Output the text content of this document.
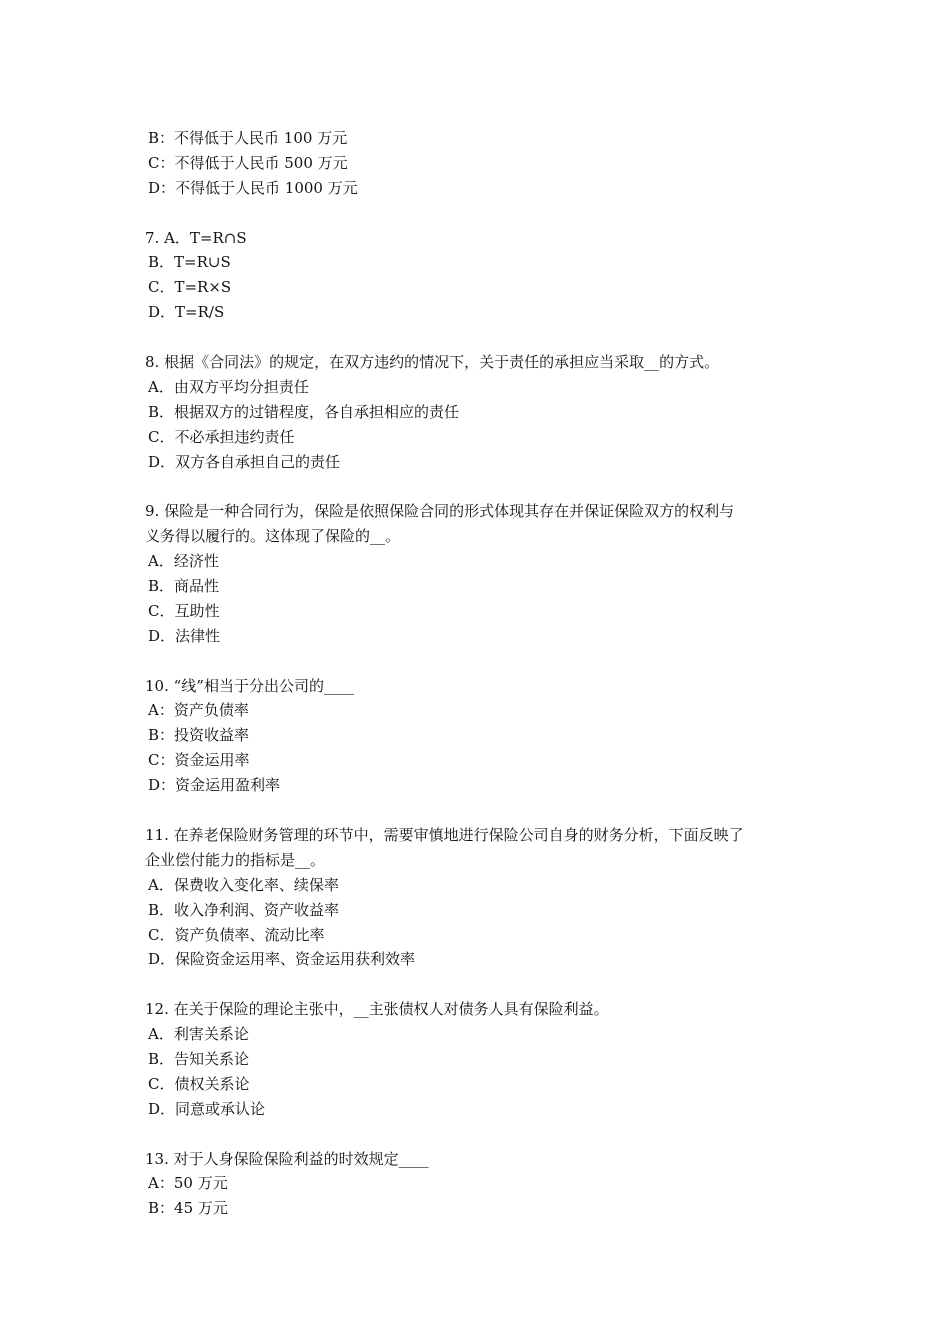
B：不得低于人民币 100 万元

C：不得低于人民币 500 万元

D：不得低于人民币 1000 万元

7. A．T=R∩S

B．T=R∪S

C．T=R×S

D．T=R/S

8. 根据《合同法》的规定，在双方违约的情况下，关于责任的承担应当采取__的方式。

A．由双方平均分担责任

B．根据双方的过错程度，各自承担相应的责任

C．不必承担违约责任

D．双方各自承担自己的责任

9. 保险是一种合同行为，保险是依照保险合同的形式体现其存在并保证保险双方的权利与

义务得以履行的。这体现了保险的__。

A．经济性

B．商品性

C．互助性

D．法律性

10. “线”相当于分出公司的____

A：资产负债率

B：投资收益率

C：资金运用率

D：资金运用盈利率

11. 在养老保险财务管理的环节中，需要审慎地进行保险公司自身的财务分析，下面反映了

企业偿付能力的指标是__。

A．保费收入变化率、续保率

B．收入净利润、资产收益率

C．资产负债率、流动比率

D．保险资金运用率、资金运用获利效率

12. 在关于保险的理论主张中，__主张债权人对债务人具有保险利益。

A．利害关系论

B．告知关系论

C．债权关系论

D．同意或承认论

13. 对于人身保险保险利益的时效规定____

A：50 万元

B：45 万元
